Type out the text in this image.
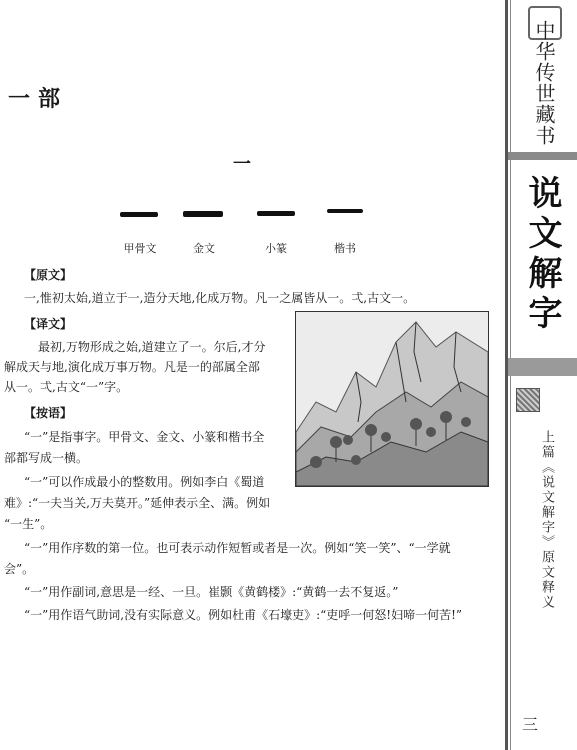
中华传世藏书
说文解字
上篇《说文解字》原文释义
三
一部
一
甲骨文	金文	小篆	楷书
【原文】
一,惟初太始,道立于一,造分天地,化成万物。凡一之属皆从一。弌,古文一。
【译文】
最初,万物形成之始,道建立了一。尔后,才分
解成天与地,演化成万事万物。凡是一的部属全部
从一。弌,古文“一”字。
【按语】
“一”是指事字。甲骨文、金文、小篆和楷书全
部都写成一横。
“一”可以作成最小的整数用。例如李白《蜀道
难》:“一夫当关,万夫莫开。”延伸表示全、满。例如
“一生”。
“一”用作序数的第一位。也可表示动作短暂或者是一次。例如“笑一笑”、“一学就
会”。
“一”用作副词,意思是一经、一旦。崔颢《黄鹤楼》:“黄鹤一去不复返。”
“一”用作语气助词,没有实际意义。例如杜甫《石壕吏》:“吏呼一何怒!妇啼一何苦!”
